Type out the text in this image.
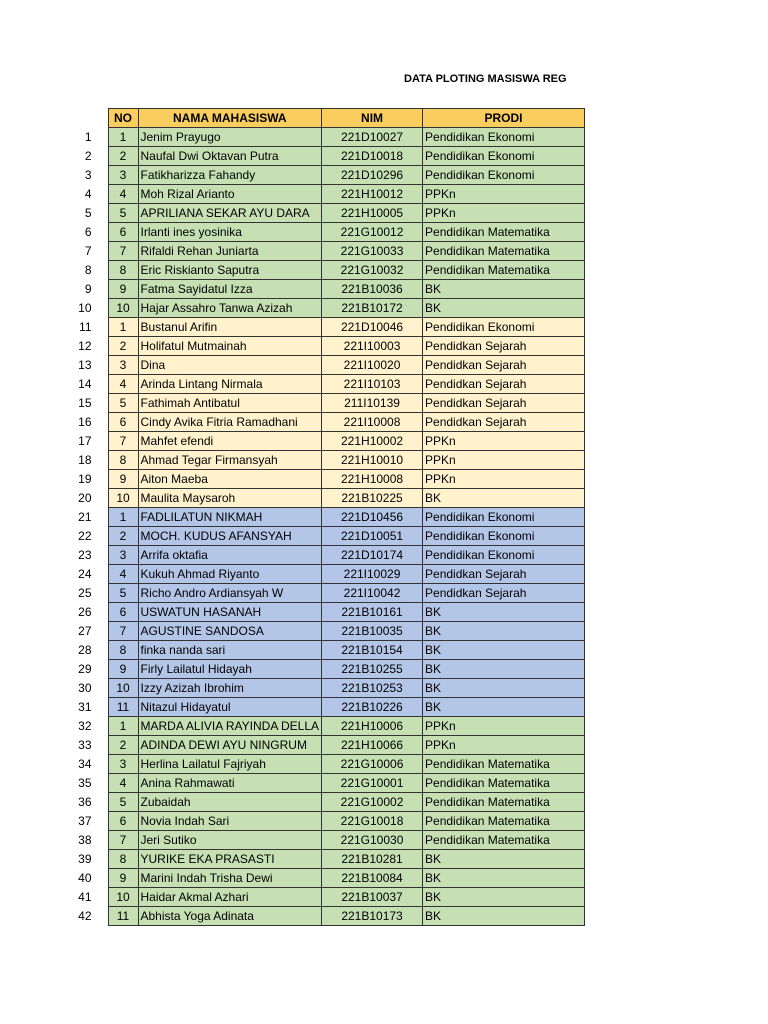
DATA PLOTING MASISWA REG
	NO	NAMA MAHASISWA	NIM	PRODI
1	1	Jenim Prayugo	221D10027	Pendidikan Ekonomi
2	2	Naufal Dwi Oktavan Putra	221D10018	Pendidikan Ekonomi
3	3	Fatikharizza Fahandy	221D10296	Pendidikan Ekonomi
4	4	Moh Rizal Arianto	221H10012	PPKn
5	5	APRILIANA SEKAR AYU DARA	221H10005	PPKn
6	6	Irlanti ines yosinika	221G10012	Pendidikan Matematika
7	7	Rifaldi Rehan Juniarta	221G10033	Pendidikan Matematika
8	8	Eric Riskianto Saputra	221G10032	Pendidikan Matematika
9	9	Fatma Sayidatul Izza	221B10036	BK
10	10	Hajar Assahro Tanwa Azizah	221B10172	BK
11	1	Bustanul Arifin	221D10046	Pendidikan Ekonomi
12	2	Holifatul Mutmainah	221I10003	Pendidkan Sejarah
13	3	Dina	221I10020	Pendidkan Sejarah
14	4	Arinda Lintang Nirmala	221I10103	Pendidkan Sejarah
15	5	Fathimah Antibatul	211I10139	Pendidkan Sejarah
16	6	Cindy Avika Fitria Ramadhani	221I10008	Pendidkan Sejarah
17	7	Mahfet efendi	221H10002	PPKn
18	8	Ahmad Tegar Firmansyah	221H10010	PPKn
19	9	Aiton Maeba	221H10008	PPKn
20	10	Maulita Maysaroh	221B10225	BK
21	1	FADLILATUN NIKMAH	221D10456	Pendidikan Ekonomi
22	2	MOCH. KUDUS AFANSYAH	221D10051	Pendidikan Ekonomi
23	3	Arrifa oktafia	221D10174	Pendidikan Ekonomi
24	4	Kukuh Ahmad Riyanto	221I10029	Pendidkan Sejarah
25	5	Richo Andro Ardiansyah W	221I10042	Pendidkan Sejarah
26	6	USWATUN HASANAH	221B10161	BK
27	7	AGUSTINE SANDOSA	221B10035	BK
28	8	finka nanda sari	221B10154	BK
29	9	Firly Lailatul Hidayah	221B10255	BK
30	10	Izzy Azizah Ibrohim	221B10253	BK
31	11	Nitazul Hidayatul	221B10226	BK
32	1	MARDA ALIVIA RAYINDA DELLA	221H10006	PPKn
33	2	ADINDA DEWI AYU NINGRUM	221H10066	PPKn
34	3	Herlina Lailatul Fajriyah	221G10006	Pendidikan Matematika
35	4	Anina Rahmawati	221G10001	Pendidikan Matematika
36	5	Zubaidah	221G10002	Pendidikan Matematika
37	6	Novia Indah Sari	221G10018	Pendidikan Matematika
38	7	Jeri Sutiko	221G10030	Pendidikan Matematika
39	8	YURIKE EKA PRASASTI	221B10281	BK
40	9	Marini Indah Trisha Dewi	221B10084	BK
41	10	Haidar Akmal Azhari	221B10037	BK
42	11	Abhista Yoga Adinata	221B10173	BK
